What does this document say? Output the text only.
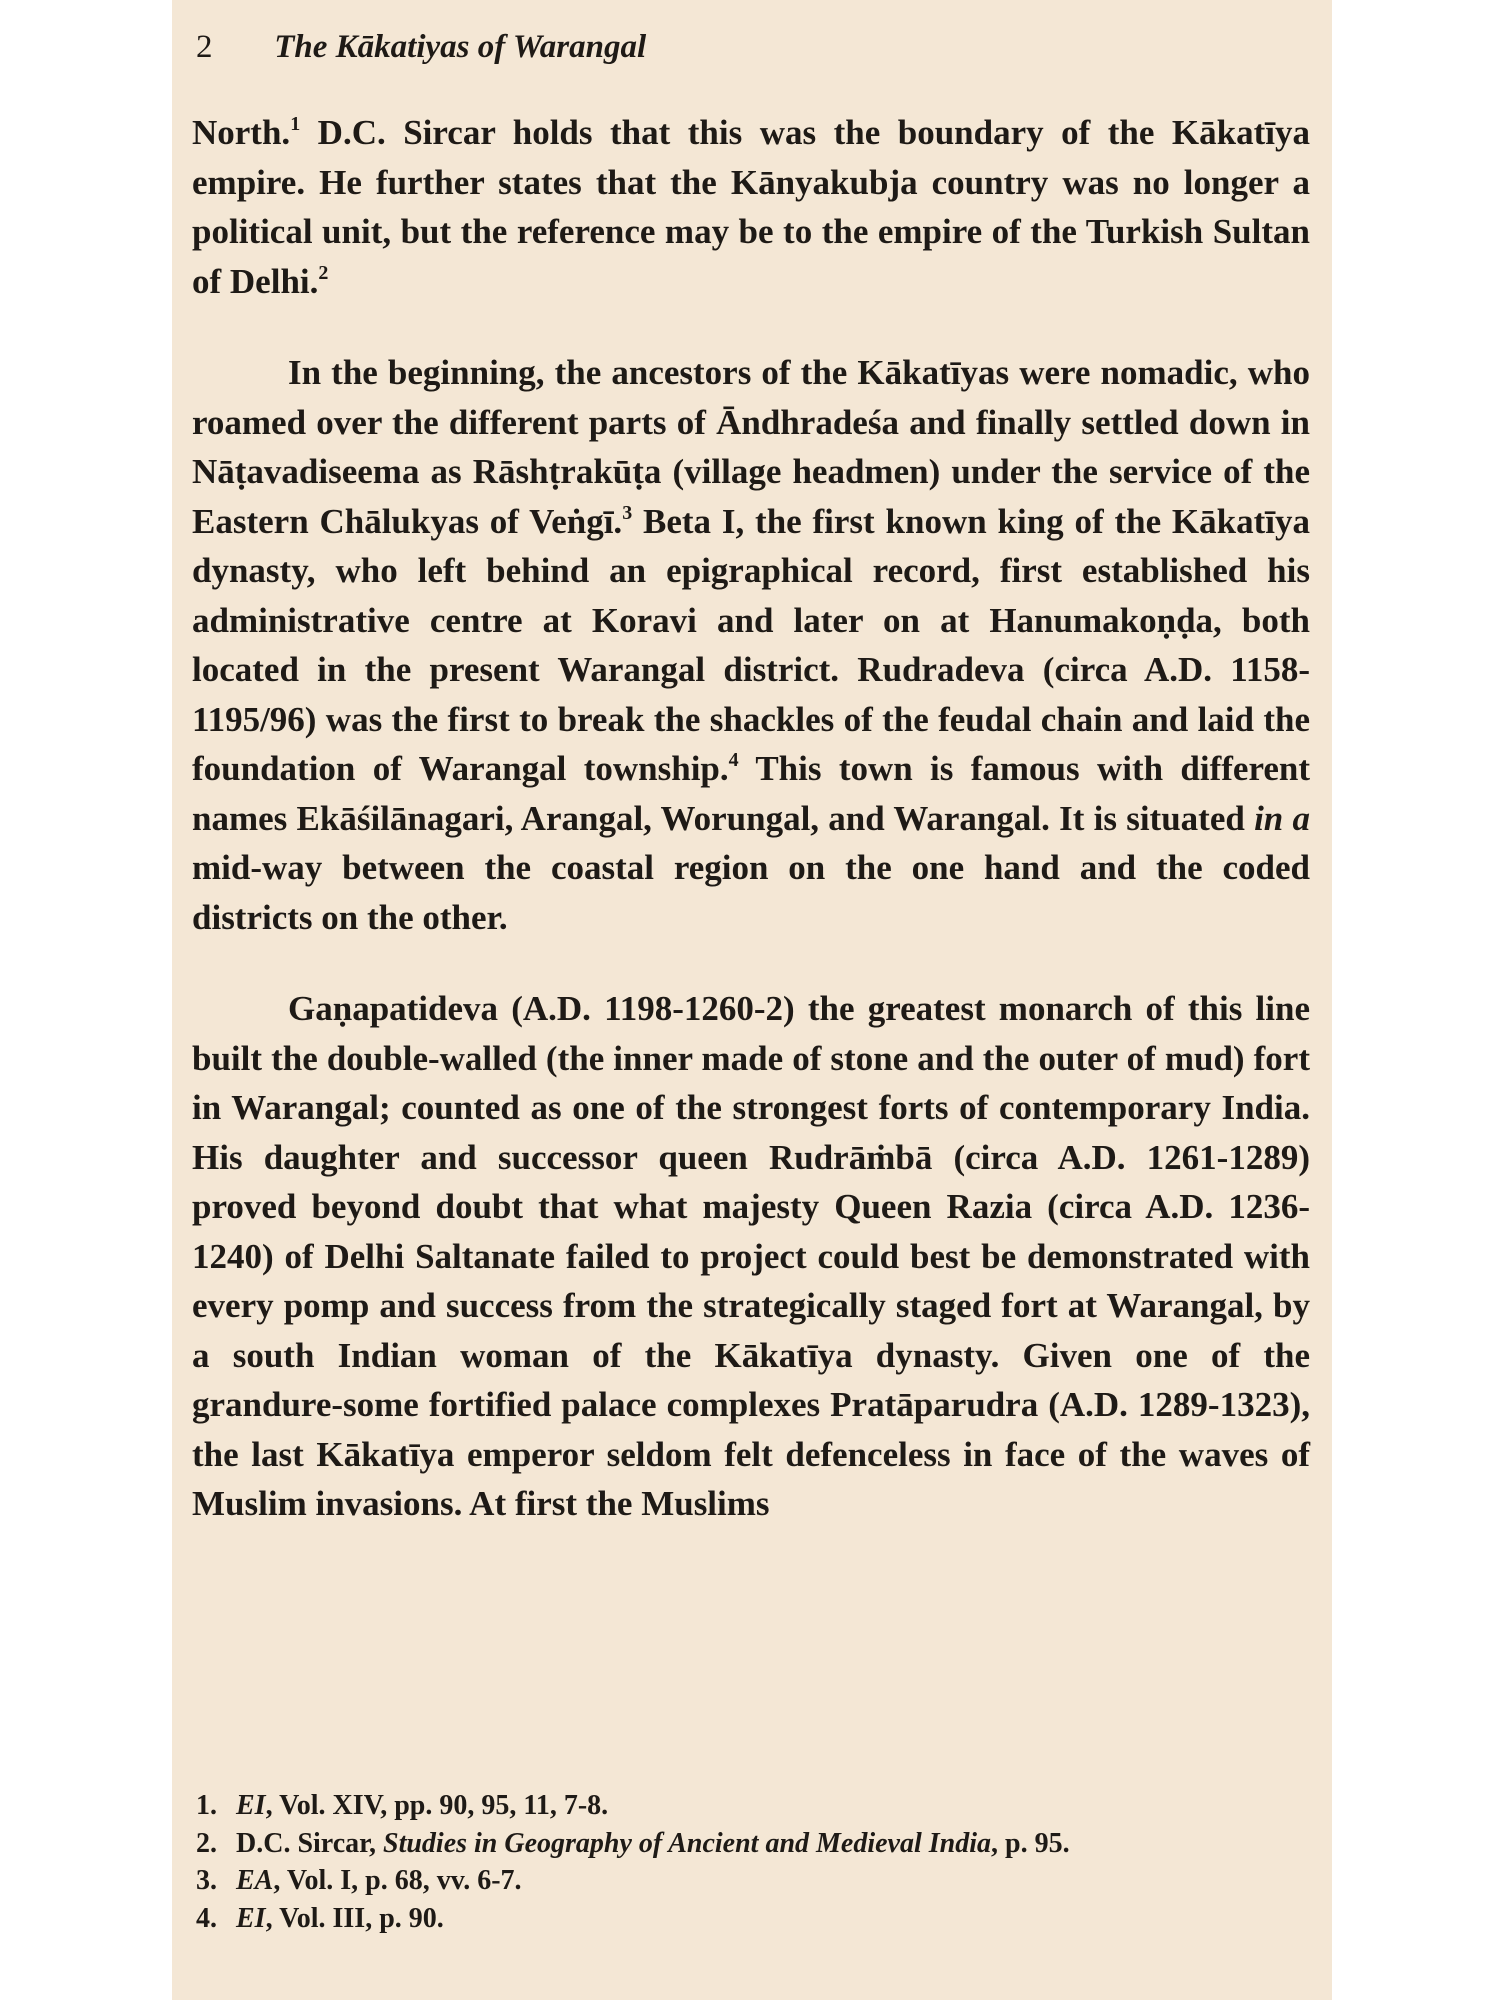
2 The Kākatiyas of Warangal

North.$^1$ D.C. Sircar holds that this was the boundary of the Kākatīya empire. He further states that the Kānyakubja country was no longer a political unit, but the reference may be to the empire of the Turkish Sultan of Delhi.$^2$

In the beginning, the ancestors of the Kākatīyas were nomadic, who roamed over the different parts of Āndhradeśa and finally settled down in Nāṭavadiseema as Rāshṭrakūṭa (village headmen) under the service of the Eastern Chālukyas of Veṅgī.$^3$ Beta I, the first known king of the Kākatīya dynasty, who left behind an epigraphical record, first established his administrative centre at Koravi and later on at Hanumakoṇḍa, both located in the present Warangal district. Rudradeva (circa A.D. 1158-1195/96) was the first to break the shackles of the feudal chain and laid the foundation of Warangal township.$^4$ This town is famous with different names Ekāśilānagari, Arangal, Worungal, and Warangal. It is situated in a mid-way between the coastal region on the one hand and the coded districts on the other.

Gaṇapatideva (A.D. 1198-1260-2) the greatest monarch of this line built the double-walled (the inner made of stone and the outer of mud) fort in Warangal; counted as one of the strongest forts of contemporary India. His daughter and successor queen Rudrāṁbā (circa A.D. 1261-1289) proved beyond doubt that what majesty Queen Razia (circa A.D. 1236-1240) of Delhi Saltanate failed to project could best be demonstrated with every pomp and success from the strategically staged fort at Warangal, by a south Indian woman of the Kākatīya dynasty. Given one of the grandure-some fortified palace complexes Pratāparudra (A.D. 1289-1323), the last Kākatīya emperor seldom felt defenceless in face of the waves of Muslim invasions. At first the Muslims

1. EI, Vol. XIV, pp. 90, 95, 11, 7-8.
2. D.C. Sircar, Studies in Geography of Ancient and Medieval India, p. 95.
3. EA, Vol. I, p. 68, vv. 6-7.
4. EI, Vol. III, p. 90.
